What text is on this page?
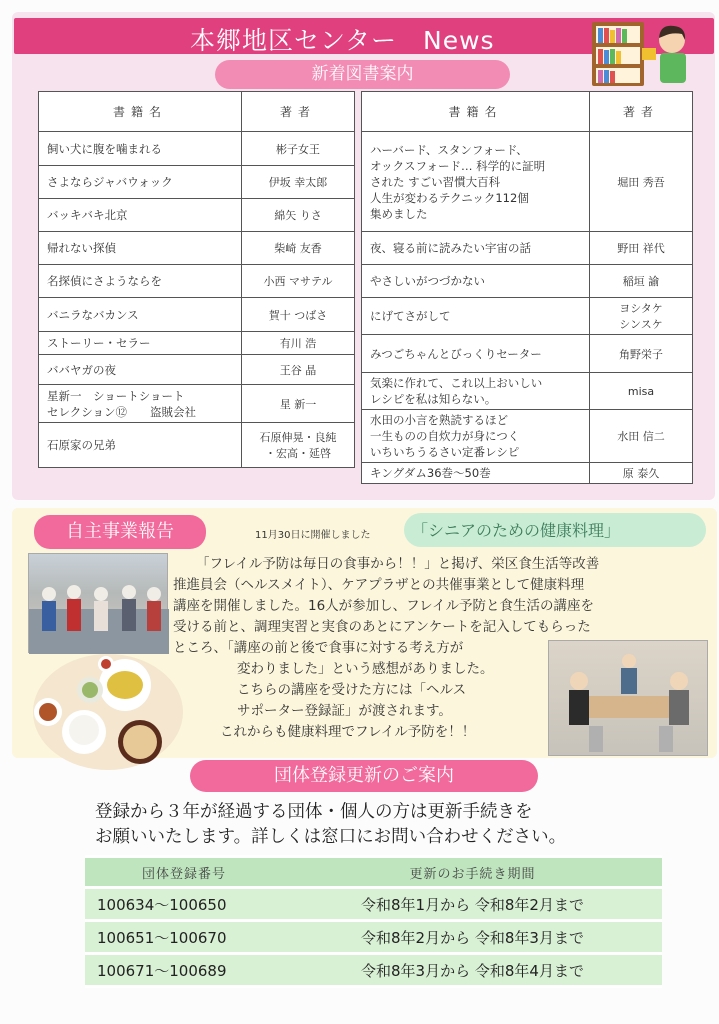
本郷地区センター　News
新着図書案内
書籍名	著者
飼い犬に腹を噛まれる	彬子女王
さよならジャバウォック	伊坂 幸太郎
バッキバキ北京	綿矢 りさ
帰れない探偵	柴崎 友香
名探偵にさようならを	小西 マサテル
バニラなバカンス	賀十 つばさ
ストーリー・セラー	有川 浩
ババヤガの夜	王谷 晶
星新一　ショートショート
セレクション⑫　　盗賊会社	星 新一
石原家の兄弟	石原伸晃・良純
・宏高・延啓
書籍名	著者
ハーバード、スタンフォード、
オックスフォード… 科学的に証明
された すごい習慣大百科
人生が変わるテクニック112個
集めました	堀田 秀吾
夜、寝る前に読みたい宇宙の話	野田 祥代
やさしいがつづかない	稲垣 諭
にげてさがして	ヨシタケ
シンスケ
みつごちゃんとびっくりセーター	角野栄子
気楽に作れて、これ以上おいしい
レシピを私は知らない。	misa
水田の小言を熟読するほど
一生ものの自炊力が身につく
いちいちうるさい定番レシピ	水田 信二
キングダム36巻～50巻	原 泰久
自主事業報告	11月30日に開催しました	「シニアのための健康料理」
「フレイル予防は毎日の食事から！！」と掲げ、栄区食生活等改善
推進員会（ヘルスメイト）、ケアプラザとの共催事業として健康料理
講座を開催しました。16人が参加し、フレイル予防と食生活の講座を
受ける前と、調理実習と実食のあとにアンケートを記入してもらった
ところ、「講座の前と後で食事に対する考え方が
変わりました」という感想がありました。
こちらの講座を受けた方には「ヘルス
サポーター登録証」が渡されます。
これからも健康料理でフレイル予防を！！
団体登録更新のご案内
登録から３年が経過する団体・個人の方は更新手続きを
お願いいたします。詳しくは窓口にお問い合わせください。
団体登録番号	更新のお手続き期間
100634～100650	令和8年1月から 令和8年2月まで
100651～100670	令和8年2月から 令和8年3月まで
100671～100689	令和8年3月から 令和8年4月まで
